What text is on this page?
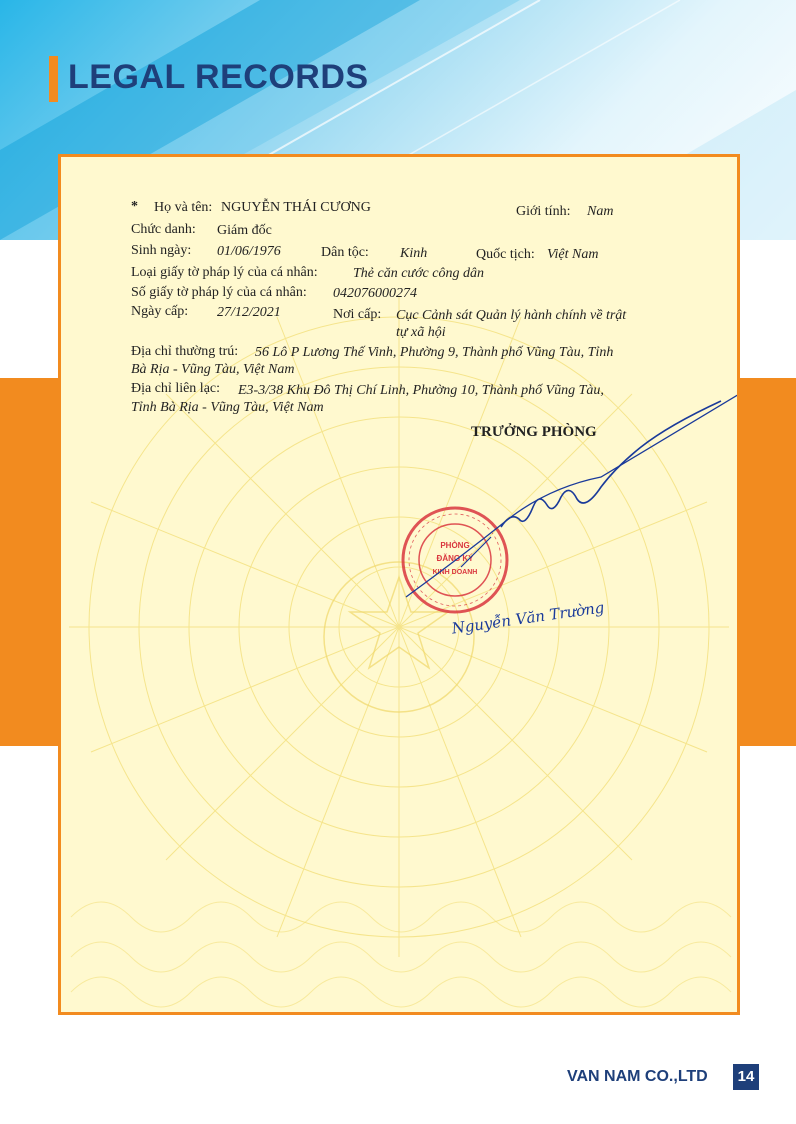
LEGAL RECORDS
* Họ và tên: NGUYỄN THÁI CƯƠNG	Giới tính: Nam
Chức danh: Giám đốc
Sinh ngày: 01/06/1976	Dân tộc: Kinh	Quốc tịch: Việt Nam
Loại giấy tờ pháp lý của cá nhân:	Thẻ căn cước công dân
Số giấy tờ pháp lý của cá nhân: 042076000274
Ngày cấp: 27/12/2021	Nơi cấp: Cục Cảnh sát Quản lý hành chính về trật
tự xã hội
Địa chỉ thường trú: 56 Lô P Lương Thế Vinh, Phường 9, Thành phố Vũng Tàu, Tỉnh
Bà Rịa - Vũng Tàu, Việt Nam
Địa chỉ liên lạc: E3-3/38 Khu Đô Thị Chí Linh, Phường 10, Thành phố Vũng Tàu,
Tỉnh Bà Rịa - Vũng Tàu, Việt Nam
TRƯỞNG PHÒNG
PHÒNG
ĐĂNG KÝ
KINH DOANH
Nguyễn Văn Trường
VAN NAM CO.,LTD	14
